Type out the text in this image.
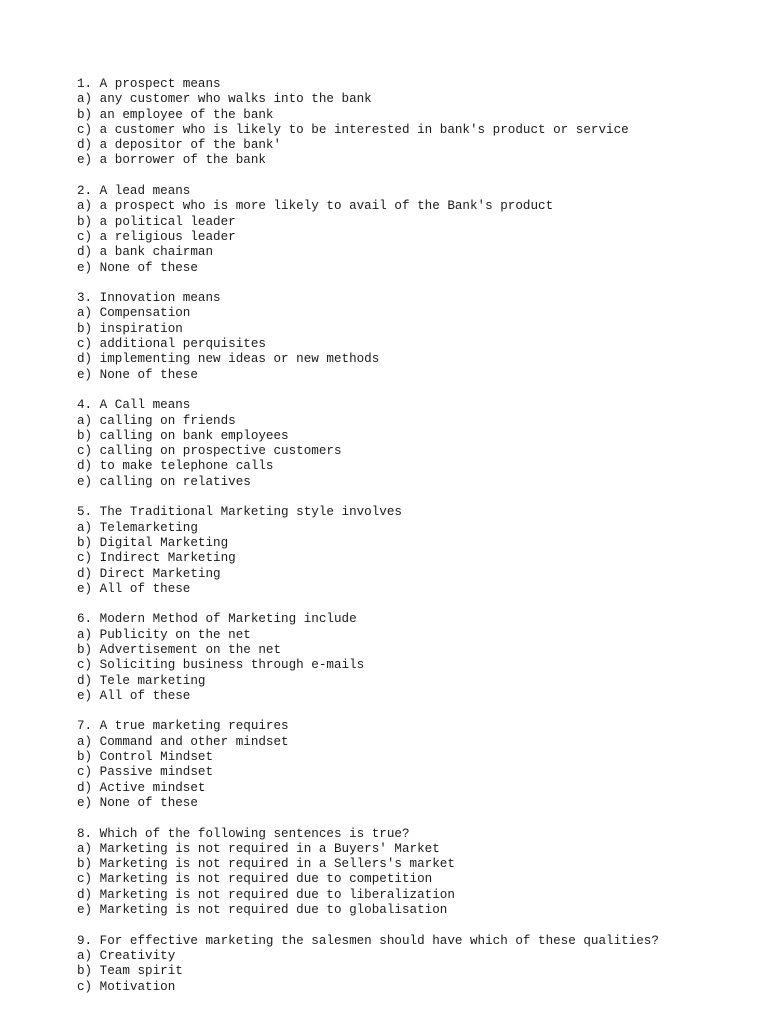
1. A prospect means
a) any customer who walks into the bank
b) an employee of the bank
c) a customer who is likely to be interested in bank's product or service
d) a depositor of the bank'
e) a borrower of the bank
2. A lead means
a) a prospect who is more likely to avail of the Bank's product
b) a political leader
c) a religious leader
d) a bank chairman
e) None of these
3. Innovation means
a) Compensation
b) inspiration
c) additional perquisites
d) implementing new ideas or new methods
e) None of these
4. A Call means
a) calling on friends
b) calling on bank employees
c) calling on prospective customers
d) to make telephone calls
e) calling on relatives
5. The Traditional Marketing style involves
a) Telemarketing
b) Digital Marketing
c) Indirect Marketing
d) Direct Marketing
e) All of these
6. Modern Method of Marketing include
a) Publicity on the net
b) Advertisement on the net
c) Soliciting business through e-mails
d) Tele marketing
e) All of these
7. A true marketing requires
a) Command and other mindset
b) Control Mindset
c) Passive mindset
d) Active mindset
e) None of these
8. Which of the following sentences is true?
a) Marketing is not required in a Buyers' Market
b) Marketing is not required in a Sellers's market
c) Marketing is not required due to competition
d) Marketing is not required due to liberalization
e) Marketing is not required due to globalisation
9. For effective marketing the salesmen should have which of these qualities?
a) Creativity
b) Team spirit
c) Motivation
